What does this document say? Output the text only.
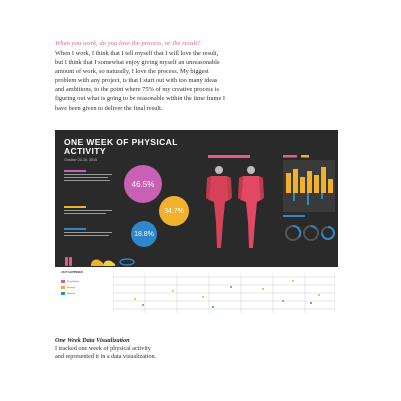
When you work, do you love the process, or the result?

When I work, I think that I tell myself that I will love the result,

but I think that I somewhat enjoy giving myself an unreasonable

amount of work, so naturally, I love the process. My biggest

problem with any project, is that I start out with too many ideas

and ambitions, to the point where 75% of my creative process is

figuring out what is going to be reasonable within the time frame I

have been given to deliver the final result.

ONE WEEK OF PHYSICAL ACTIVITY
October 20-26, 2015
46.5%
34.7%
18.8%
AS IT HAPPENED
Weightlifting
Running
Elliptical

One Week Data Visualization

I tracked one week of physical activity

and represented it in a data visualization.
